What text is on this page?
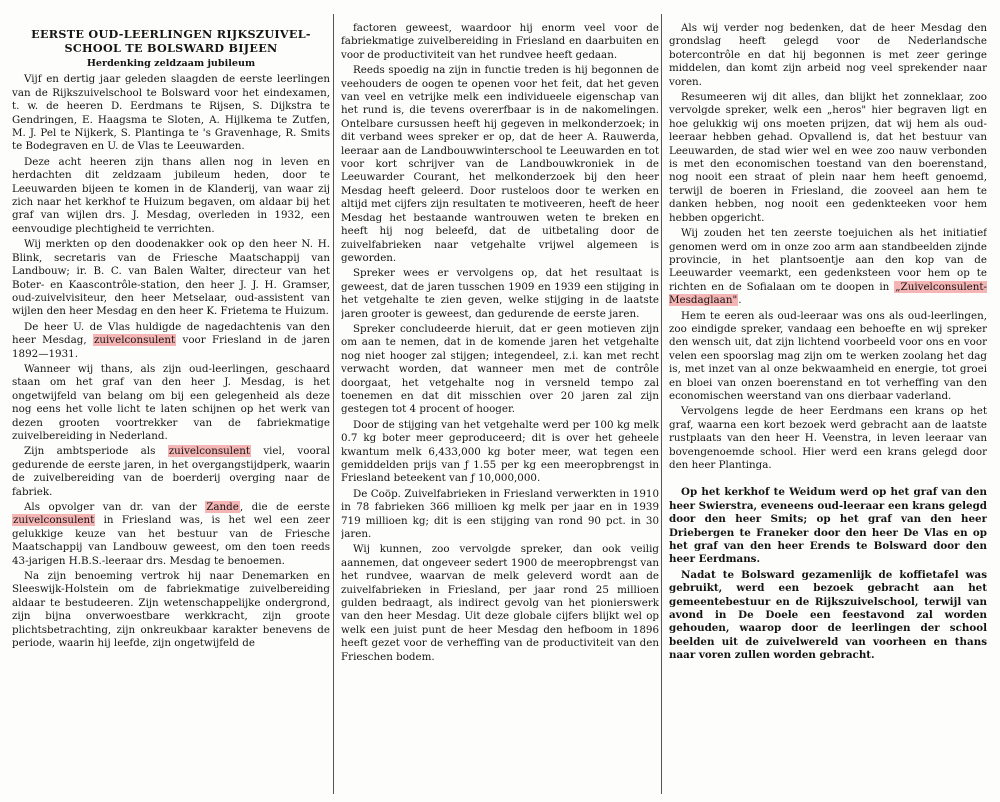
EERSTE OUD-LEERLINGEN RIJKSZUIVEL-SCHOOL TE BOLSWARD BIJEEN
Herdenking zeldzaam jubileum

Vijf en dertig jaar geleden slaagden de eerste leerlingen van de Rijkszuivelschool te Bolsward voor het eindexamen, t. w. de heeren D. Eerdmans te Rijsen, S. Dijkstra te Gendringen, E. Haagsma te Sloten, A. Hijlkema te Zutfen, M. J. Pel te Nijkerk, S. Plantinga te 's Gravenhage, R. Smits te Bodegraven en U. de Vlas te Leeuwarden.

Deze acht heeren zijn thans allen nog in leven en herdachten dit zeldzaam jubileum heden, door te Leeuwarden bijeen te komen in de Klanderij, van waar zij zich naar het kerkhof te Huizum begaven, om aldaar bij het graf van wijlen drs. J. Mesdag, overleden in 1932, een eenvoudige plechtigheid te verrichten.

Wij merkten op den doodenakker ook op den heer N. H. Blink, secretaris van de Friesche Maatschappij van Landbouw; ir. B. C. van Balen Walter, directeur van het Boter- en Kaascontrôle-station, den heer J. J. H. Gramser, oud-zuivelvisiteur, den heer Metselaar, oud-assistent van wijlen den heer Mesdag en den heer K. Frietema te Huizum.

De heer U. de Vlas huldigde de nagedachtenis van den heer Mesdag, zuivelconsulent voor Friesland in de jaren 1892—1931.

Wanneer wij thans, als zijn oud-leerlingen, geschaard staan om het graf van den heer J. Mesdag, is het ongetwijfeld van belang om bij een gelegenheid als deze nog eens het volle licht te laten schijnen op het werk van dezen grooten voortrekker van de fabriekmatige zuivelbereiding in Nederland.

Zijn ambtsperiode als zuivelconsulent viel, vooral gedurende de eerste jaren, in het overgangstijdperk, waarin de zuivelbereiding van de boerderij overging naar de fabriek.

Als opvolger van dr. van der Zande, die de eerste zuivelconsulent in Friesland was, is het wel een zeer gelukkige keuze van het bestuur van de Friesche Maatschappij van Landbouw geweest, om den toen reeds 43-jarigen H.B.S.-leeraar drs. Mesdag te benoemen.

Na zijn benoeming vertrok hij naar Denemarken en Sleeswijk-Holstein om de fabriekmatige zuivelbereiding aldaar te bestudeeren. Zijn wetenschappelijke ondergrond, zijn bijna onverwoestbare werkkracht, zijn groote plichtsbetrachting, zijn onkreukbaar karakter benevens de periode, waarin hij leefde, zijn ongetwijfeld de

factoren geweest, waardoor hij enorm veel voor de fabriekmatige zuivelbereiding in Friesland en daarbuiten en voor de productiviteit van het rundvee heeft gedaan.

Reeds spoedig na zijn in functie treden is hij begonnen de veehouders de oogen te openen voor het feit, dat het geven van veel en vetrijke melk een individueele eigenschap van het rund is, die tevens overerfbaar is in de nakomelingen. Ontelbare cursussen heeft hij gegeven in melkonderzoek; in dit verband wees spreker er op, dat de heer A. Rauwerda, leeraar aan de Landbouwwinterschool te Leeuwarden en tot voor kort schrijver van de Landbouwkroniek in de Leeuwarder Courant, het melkonderzoek bij den heer Mesdag heeft geleerd. Door rusteloos door te werken en altijd met cijfers zijn resultaten te motiveeren, heeft de heer Mesdag het bestaande wantrouwen weten te breken en heeft hij nog beleefd, dat de uitbetaling door de zuivelfabrieken naar vetgehalte vrijwel algemeen is geworden.

Spreker wees er vervolgens op, dat het resultaat is geweest, dat de jaren tusschen 1909 en 1939 een stijging in het vetgehalte te zien geven, welke stijging in de laatste jaren grooter is geweest, dan gedurende de eerste jaren.

Spreker concludeerde hieruit, dat er geen motieven zijn om aan te nemen, dat in de komende jaren het vetgehalte nog niet hooger zal stijgen; integendeel, z.i. kan met recht verwacht worden, dat wanneer men met de contrôle doorgaat, het vetgehalte nog in versneld tempo zal toenemen en dat dit misschien over 20 jaren zal zijn gestegen tot 4 procent of hooger.

Door de stijging van het vetgehalte werd per 100 kg melk 0.7 kg boter meer geproduceerd; dit is over het geheele kwantum melk 6,433,000 kg boter meer, wat tegen een gemiddelden prijs van ƒ 1.55 per kg een meeropbrengst in Friesland beteekent van ƒ 10,000,000.

De Coöp. Zuivelfabrieken in Friesland verwerkten in 1910 in 78 fabrieken 366 millioen kg melk per jaar en in 1939 719 millioen kg; dit is een stijging van rond 90 pct. in 30 jaren.

Wij kunnen, zoo vervolgde spreker, dan ook veilig aannemen, dat ongeveer sedert 1900 de meeropbrengst van het rundvee, waarvan de melk geleverd wordt aan de zuivelfabrieken in Friesland, per jaar rond 25 millioen gulden bedraagt, als indirect gevolg van het pionierswerk van den heer Mesdag. Uit deze globale cijfers blijkt wel op welk een juist punt de heer Mesdag den hefboom in 1896 heeft gezet voor de verheffing van de productiviteit van den Frieschen bodem.

Als wij verder nog bedenken, dat de heer Mesdag den grondslag heeft gelegd voor de Nederlandsche botercontrôle en dat hij begonnen is met zeer geringe middelen, dan komt zijn arbeid nog veel sprekender naar voren.

Resumeeren wij dit alles, dan blijkt het zonneklaar, zoo vervolgde spreker, welk een „heros" hier begraven ligt en hoe gelukkig wij ons moeten prijzen, dat wij hem als oud-leeraar hebben gehad. Opvallend is, dat het bestuur van Leeuwarden, de stad wier wel en wee zoo nauw verbonden is met den economischen toestand van den boerenstand, nog nooit een straat of plein naar hem heeft genoemd, terwijl de boeren in Friesland, die zooveel aan hem te danken hebben, nog nooit een gedenkteeken voor hem hebben opgericht.

Wij zouden het ten zeerste toejuichen als het initiatief genomen werd om in onze zoo arm aan standbeelden zijnde provincie, in het plantsoentje aan den kop van de Leeuwarder veemarkt, een gedenksteen voor hem op te richten en de Sofialaan om te doopen in „Zuivelconsulent-Mesdaglaan".

Hem te eeren als oud-leeraar was ons als oud-leerlingen, zoo eindigde spreker, vandaag een behoefte en wij spreker den wensch uit, dat zijn lichtend voorbeeld voor ons en voor velen een spoorslag mag zijn om te werken zoolang het dag is, met inzet van al onze bekwaamheid en energie, tot groei en bloei van onzen boerenstand en tot verheffing van den economischen weerstand van ons dierbaar vaderland.

Vervolgens legde de heer Eerdmans een krans op het graf, waarna een kort bezoek werd gebracht aan de laatste rustplaats van den heer H. Veenstra, in leven leeraar van bovengenoemde school. Hier werd een krans gelegd door den heer Plantinga.

Op het kerkhof te Weidum werd op het graf van den heer Swierstra, eveneens oud-leeraar een krans gelegd door den heer Smits; op het graf van den heer Driebergen te Franeker door den heer De Vlas en op het graf van den heer Erends te Bolsward door den heer Eerdmans.

Nadat te Bolsward gezamenlijk de koffietafel was gebruikt, werd een bezoek gebracht aan het gemeentebestuur en de Rijkszuivelschool, terwijl van avond in De Doele een feestavond zal worden gehouden, waarop door de leerlingen der school beelden uit de zuivelwereld van voorheen en thans naar voren zullen worden gebracht.
